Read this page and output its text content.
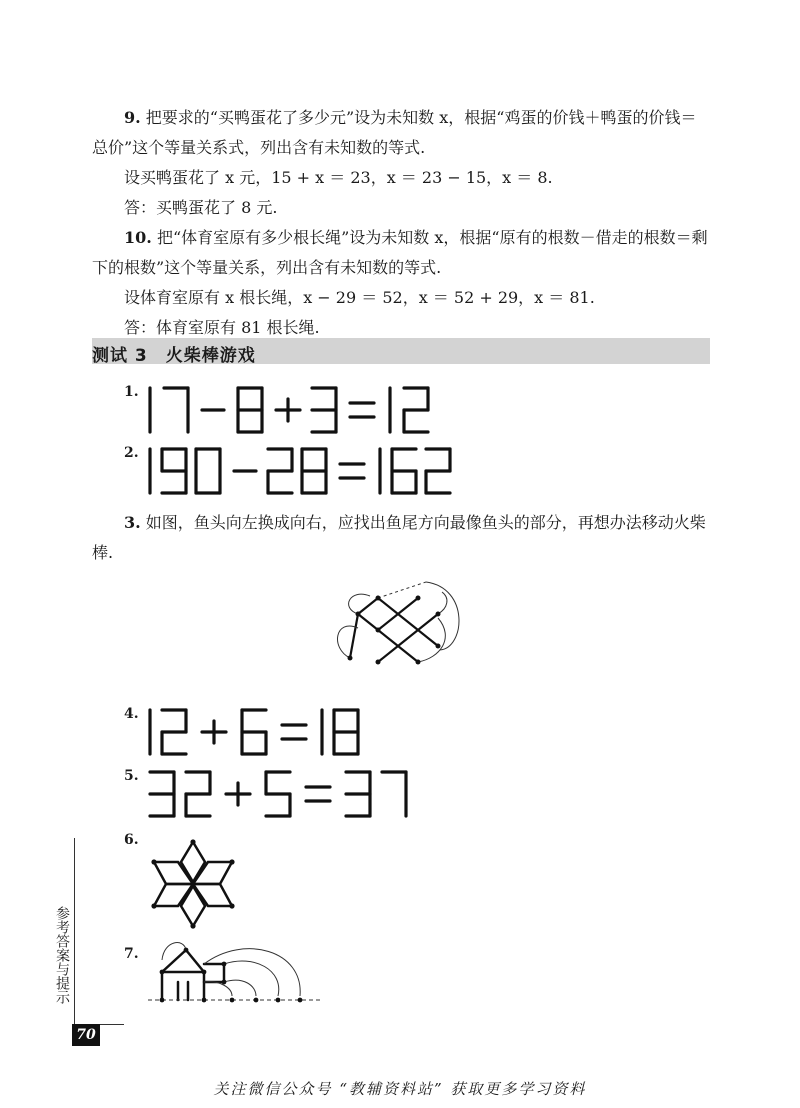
9. 把要求的“买鸭蛋花了多少元”设为未知数 x，根据“鸡蛋的价钱＋鸭蛋的价钱＝总价”这个等量关系式，列出含有未知数的等式.

设买鸭蛋花了 x 元，15 + x ＝ 23，x ＝ 23 − 15，x ＝ 8.

答：买鸭蛋花了 8 元.

10. 把“体育室原有多少根长绳”设为未知数 x，根据“原有的根数－借走的根数＝剩下的根数”这个等量关系，列出含有未知数的等式.

设体育室原有 x 根长绳，x − 29 ＝ 52，x ＝ 52 + 29，x ＝ 81.

答：体育室原有 81 根长绳.

测试 3　火柴棒游戏

1.

2.

3. 如图，鱼头向左换成向右，应找出鱼尾方向最像鱼头的部分，再想办法移动火柴棒.

4.

5.

6.

7.

参考答案与提示

70

关注微信公众号 “教辅资料站” 获取更多学习资料
